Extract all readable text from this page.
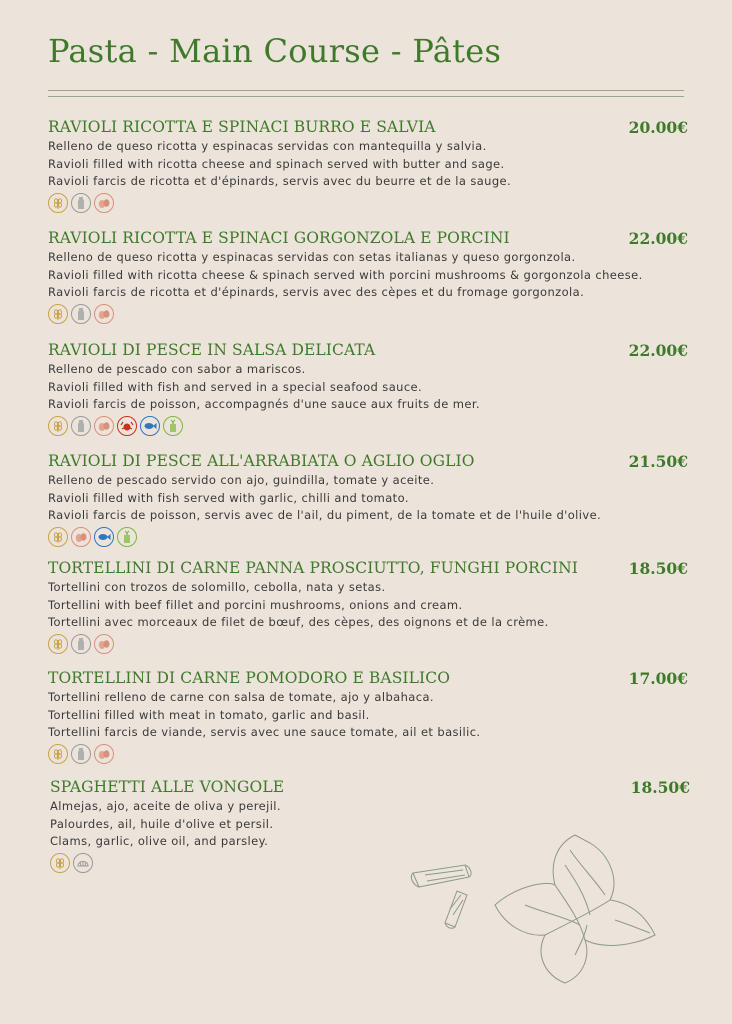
Pasta - Main Course - Pâtes
RAVIOLI RICOTTA E SPINACI BURRO E SALVIA	20.00€
Relleno de queso ricotta y espinacas servidas con mantequilla y salvia.
Ravioli filled with ricotta cheese and spinach served with butter and sage.
Ravioli farcis de ricotta et d'épinards, servis avec du beurre et de la sauge.
RAVIOLI RICOTTA E SPINACI GORGONZOLA E PORCINI	22.00€
Relleno de queso ricotta y espinacas servidas con setas italianas y queso gorgonzola.
Ravioli filled with ricotta cheese & spinach served with porcini mushrooms & gorgonzola cheese.
Ravioli farcis de ricotta et d'épinards, servis avec des cèpes et du fromage gorgonzola.
RAVIOLI DI PESCE IN SALSA DELICATA	22.00€
Relleno de pescado con sabor a mariscos.
Ravioli filled with fish and served in a special seafood sauce.
Ravioli farcis de poisson, accompagnés d'une sauce aux fruits de mer.
RAVIOLI DI PESCE ALL'ARRABIATA O AGLIO OGLIO	21.50€
Relleno de pescado servido con ajo, guindilla, tomate y aceite.
Ravioli filled with fish served with garlic, chilli and tomato.
Ravioli farcis de poisson, servis avec de l'ail, du piment, de la tomate et de l'huile d'olive.
TORTELLINI DI CARNE PANNA PROSCIUTTO, FUNGHI PORCINI	18.50€
Tortellini con trozos de solomillo, cebolla, nata y setas.
Tortellini with beef fillet and porcini mushrooms, onions and cream.
Tortellini avec morceaux de filet de bœuf, des cèpes, des oignons et de la crème.
TORTELLINI DI CARNE POMODORO E BASILICO	17.00€
Tortellini relleno de carne con salsa de tomate, ajo y albahaca.
Tortellini filled with meat in tomato, garlic and basil.
Tortellini farcis de viande, servis avec une sauce tomate, ail et basilic.
SPAGHETTI ALLE VONGOLE	18.50€
Almejas, ajo, aceite de oliva y perejil.
Palourdes, ail, huile d'olive et persil.
Clams, garlic, olive oil, and parsley.
